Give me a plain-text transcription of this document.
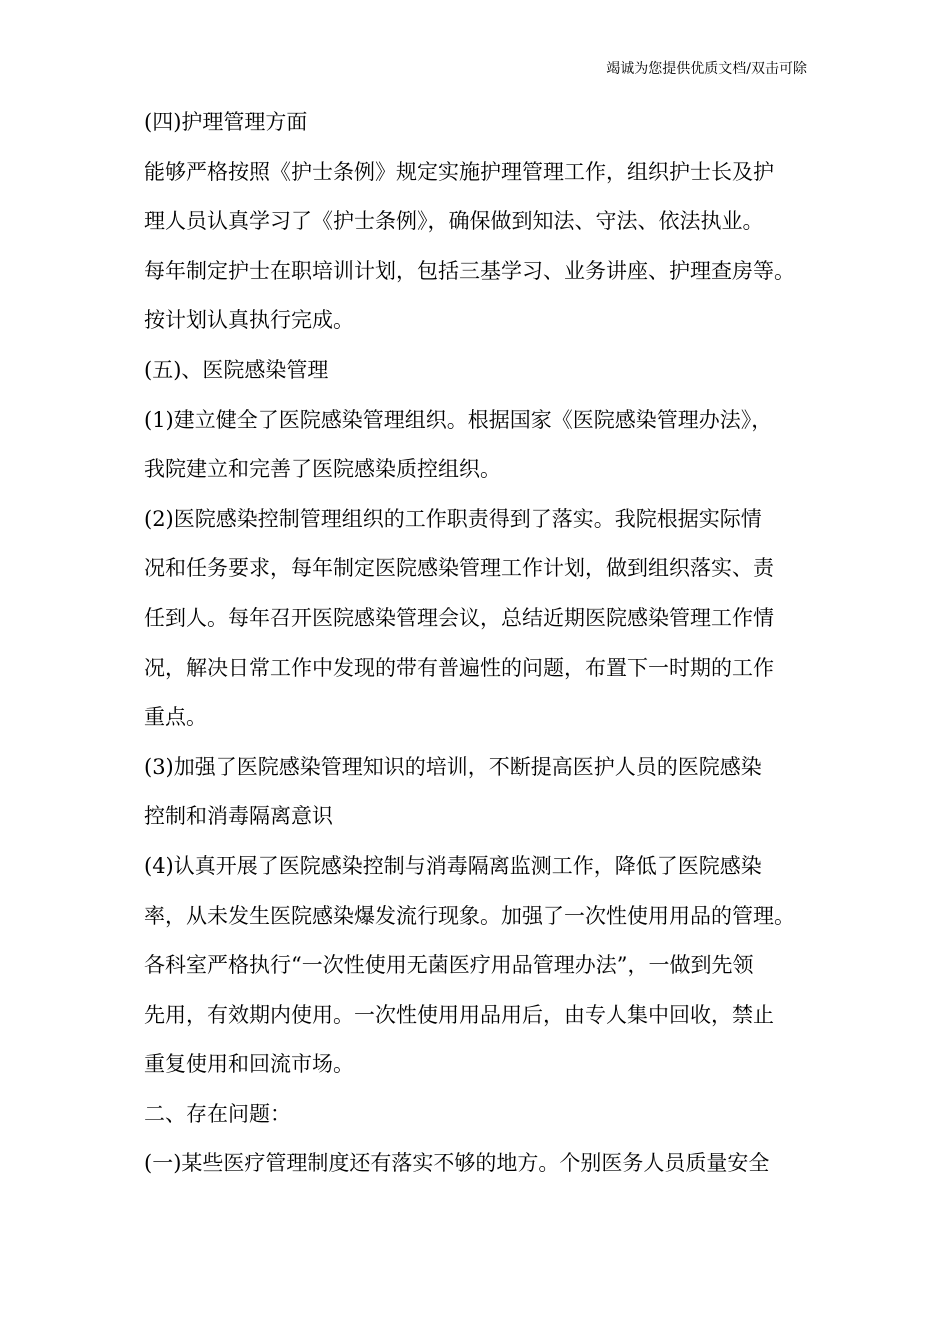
竭诚为您提供优质文档/双击可除
(四)护理管理方面
能够严格按照《护士条例》规定实施护理管理工作，组织护士长及护
理人员认真学习了《护士条例》，确保做到知法、守法、依法执业。
每年制定护士在职培训计划，包括三基学习、业务讲座、护理查房等。
按计划认真执行完成。
(五)、医院感染管理
(1)建立健全了医院感染管理组织。根据国家《医院感染管理办法》，
我院建立和完善了医院感染质控组织。
(2)医院感染控制管理组织的工作职责得到了落实。我院根据实际情
况和任务要求，每年制定医院感染管理工作计划，做到组织落实、责
任到人。每年召开医院感染管理会议，总结近期医院感染管理工作情
况，解决日常工作中发现的带有普遍性的问题，布置下一时期的工作
重点。
(3)加强了医院感染管理知识的培训，不断提高医护人员的医院感染
控制和消毒隔离意识
(4)认真开展了医院感染控制与消毒隔离监测工作，降低了医院感染
率，从未发生医院感染爆发流行现象。加强了一次性使用用品的管理。
各科室严格执行“一次性使用无菌医疗用品管理办法”，一做到先领
先用，有效期内使用。一次性使用用品用后，由专人集中回收，禁止
重复使用和回流市场。
二、存在问题：
(一)某些医疗管理制度还有落实不够的地方。个别医务人员质量安全
